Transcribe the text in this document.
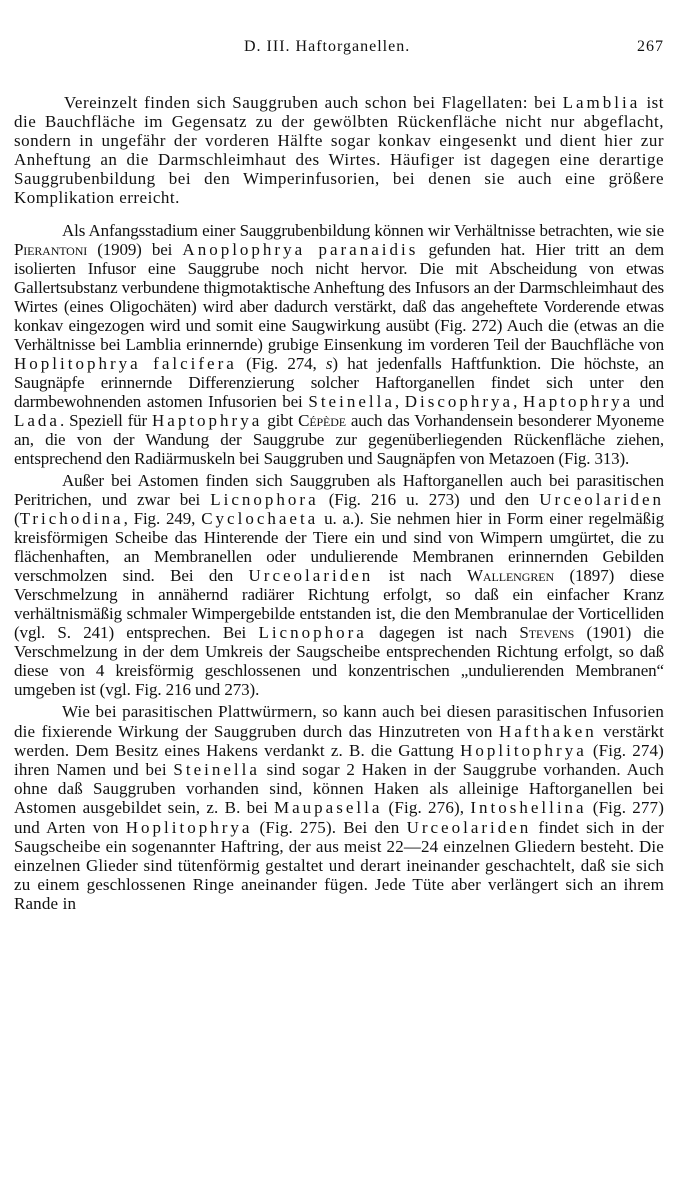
D. III. Haftorganellen.	267

Vereinzelt finden sich Sauggruben auch schon bei Flagellaten: bei Lamblia ist die Bauchfläche im Gegensatz zu der gewölbten Rückenfläche nicht nur abgeflacht, sondern in ungefähr der vorderen Hälfte sogar konkav eingesenkt und dient hier zur Anheftung an die Darmschleimhaut des Wirtes. Häufiger ist dagegen eine derartige Sauggrubenbildung bei den Wimperinfusorien, bei denen sie auch eine größere Komplikation erreicht.

Als Anfangsstadium einer Sauggrubenbildung können wir Verhältnisse betrachten, wie sie Pierantoni (1909) bei Anoplophrya paranaidis gefunden hat. Hier tritt an dem isolierten Infusor eine Sauggrube noch nicht hervor. Die mit Abscheidung von etwas Gallertsubstanz verbundene thigmotaktische Anheftung des Infusors an der Darmschleimhaut des Wirtes (eines Oligochäten) wird aber dadurch verstärkt, daß das angeheftete Vorderende etwas konkav eingezogen wird und somit eine Saugwirkung ausübt (Fig. 272) Auch die (etwas an die Verhältnisse bei Lamblia erinnernde) grubige Einsenkung im vorderen Teil der Bauchfläche von Hoplitophrya falcifera (Fig. 274, s) hat jedenfalls Haftfunktion. Die höchste, an Saugnäpfe erinnernde Differenzierung solcher Haftorganellen findet sich unter den darmbewohnenden astomen Infusorien bei Steinella, Discophrya, Haptophrya und Lada. Speziell für Haptophrya gibt Cépède auch das Vorhandensein besonderer Myoneme an, die von der Wandung der Sauggrube zur gegenüberliegenden Rückenfläche ziehen, entsprechend den Radiärmuskeln bei Sauggruben und Saugnäpfen von Metazoen (Fig. 313).

Außer bei Astomen finden sich Sauggruben als Haftorganellen auch bei parasitischen Peritrichen, und zwar bei Licnophora (Fig. 216 u. 273) und den Urceolariden (Trichodina, Fig. 249, Cyclochaeta u. a.). Sie nehmen hier in Form einer regelmäßig kreisförmigen Scheibe das Hinterende der Tiere ein und sind von Wimpern umgürtet, die zu flächenhaften, an Membranellen oder undulierende Membranen erinnernden Gebilden verschmolzen sind. Bei den Urceolariden ist nach Wallengren (1897) diese Verschmelzung in annähernd radiärer Richtung erfolgt, so daß ein einfacher Kranz verhältnismäßig schmaler Wimpergebilde entstanden ist, die den Membranulae der Vorticelliden (vgl. S. 241) entsprechen. Bei Licnophora dagegen ist nach Stevens (1901) die Verschmelzung in der dem Umkreis der Saugscheibe entsprechenden Richtung erfolgt, so daß diese von 4 kreisförmig geschlossenen und konzentrischen „undulierenden Membranen“ umgeben ist (vgl. Fig. 216 und 273).

Wie bei parasitischen Plattwürmern, so kann auch bei diesen parasitischen Infusorien die fixierende Wirkung der Sauggruben durch das Hinzutreten von Hafthaken verstärkt werden. Dem Besitz eines Hakens verdankt z. B. die Gattung Hoplitophrya (Fig. 274) ihren Namen und bei Steinella sind sogar 2 Haken in der Sauggrube vorhanden. Auch ohne daß Sauggruben vorhanden sind, können Haken als alleinige Haftorganellen bei Astomen ausgebildet sein, z. B. bei Maupasella (Fig. 276), Intoshellina (Fig. 277) und Arten von Hoplitophrya (Fig. 275). Bei den Urceolariden findet sich in der Saugscheibe ein sogenannter Haftring, der aus meist 22—24 einzelnen Gliedern besteht. Die einzelnen Glieder sind tütenförmig gestaltet und derart ineinander geschachtelt, daß sie sich zu einem geschlossenen Ringe aneinander fügen. Jede Tüte aber verlängert sich an ihrem Rande in
